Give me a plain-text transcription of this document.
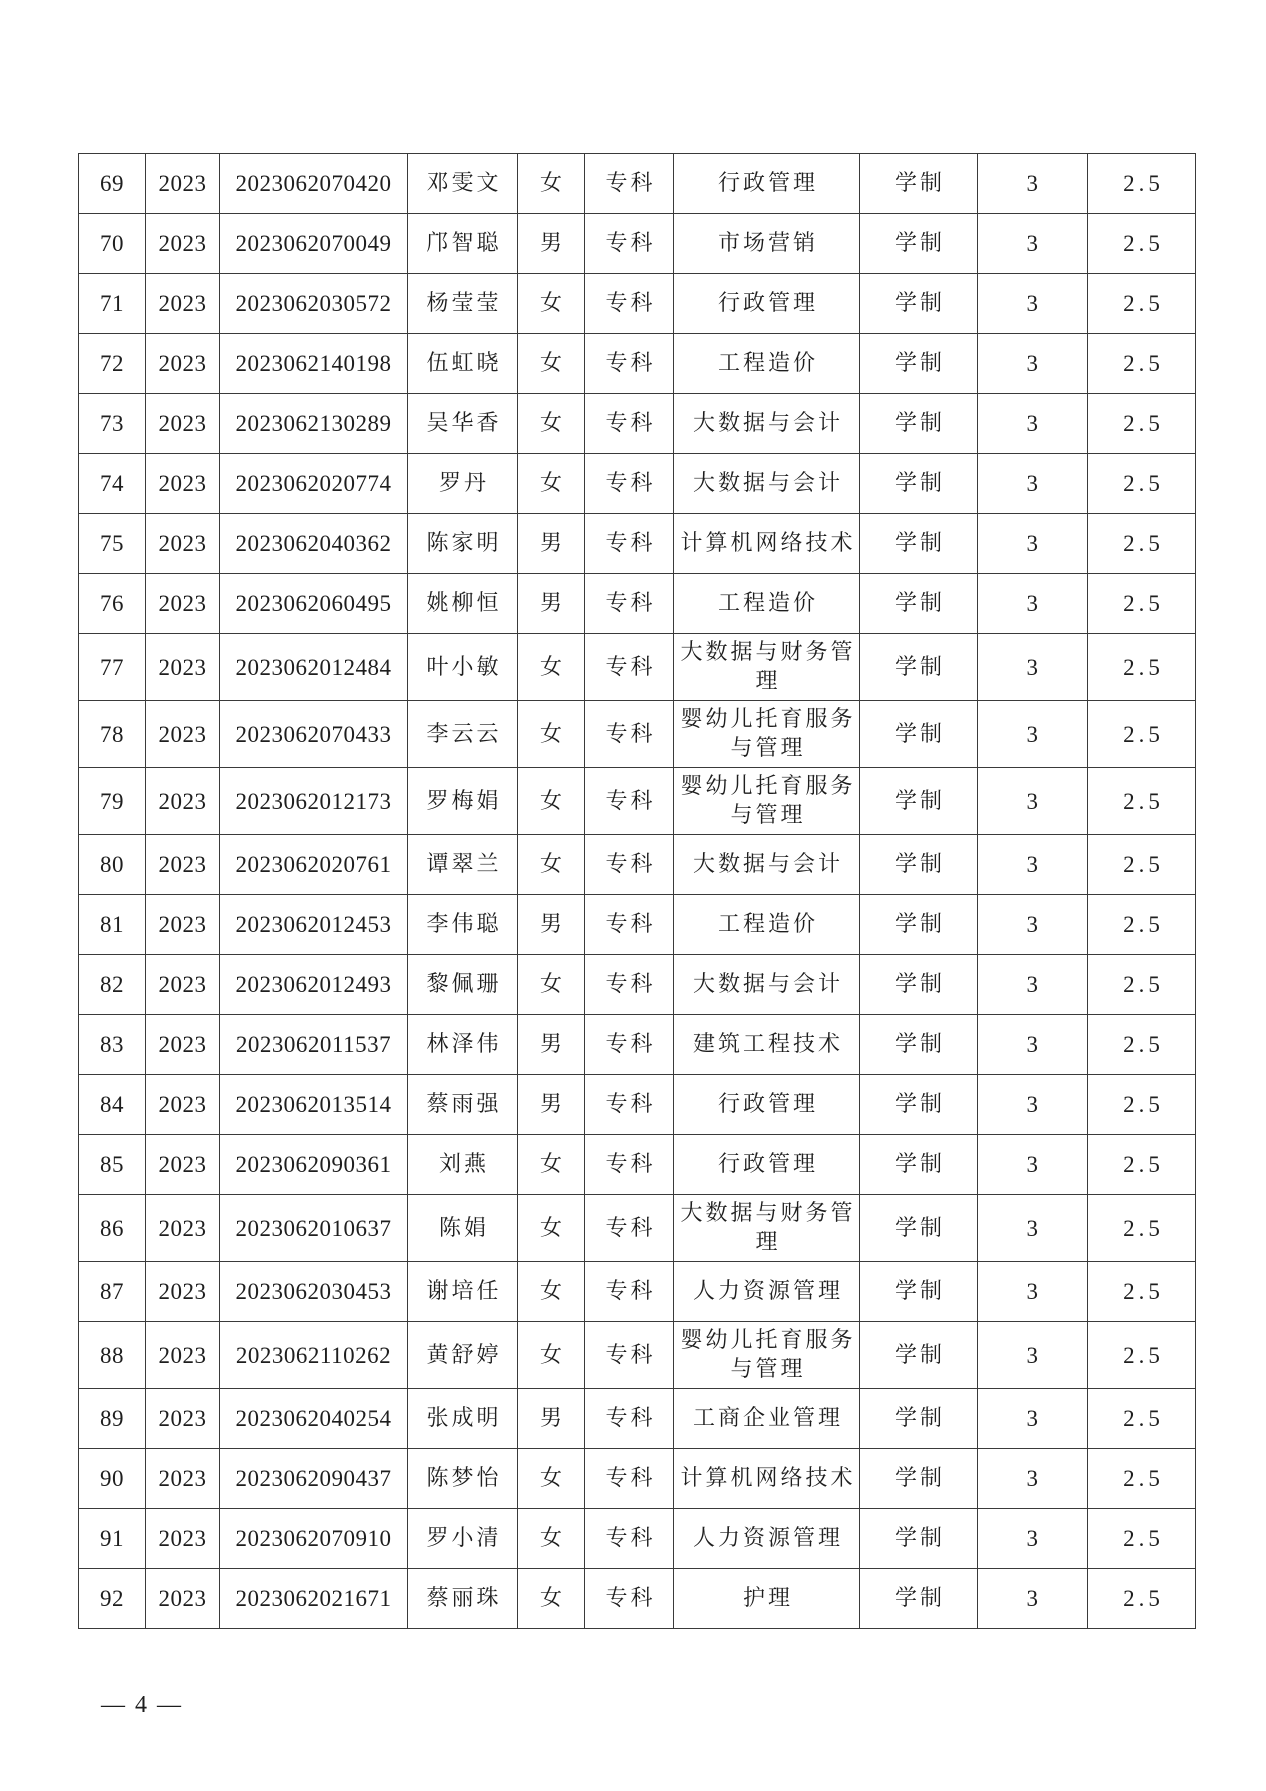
69	2023	2023062070420	邓雯文	女	专科	行政管理	学制	3	2.5
70	2023	2023062070049	邝智聪	男	专科	市场营销	学制	3	2.5
71	2023	2023062030572	杨莹莹	女	专科	行政管理	学制	3	2.5
72	2023	2023062140198	伍虹晓	女	专科	工程造价	学制	3	2.5
73	2023	2023062130289	吴华香	女	专科	大数据与会计	学制	3	2.5
74	2023	2023062020774	罗丹	女	专科	大数据与会计	学制	3	2.5
75	2023	2023062040362	陈家明	男	专科	计算机网络技术	学制	3	2.5
76	2023	2023062060495	姚柳恒	男	专科	工程造价	学制	3	2.5
77	2023	2023062012484	叶小敏	女	专科	大数据与财务管理	学制	3	2.5
78	2023	2023062070433	李云云	女	专科	婴幼儿托育服务与管理	学制	3	2.5
79	2023	2023062012173	罗梅娟	女	专科	婴幼儿托育服务与管理	学制	3	2.5
80	2023	2023062020761	谭翠兰	女	专科	大数据与会计	学制	3	2.5
81	2023	2023062012453	李伟聪	男	专科	工程造价	学制	3	2.5
82	2023	2023062012493	黎佩珊	女	专科	大数据与会计	学制	3	2.5
83	2023	2023062011537	林泽伟	男	专科	建筑工程技术	学制	3	2.5
84	2023	2023062013514	蔡雨强	男	专科	行政管理	学制	3	2.5
85	2023	2023062090361	刘燕	女	专科	行政管理	学制	3	2.5
86	2023	2023062010637	陈娟	女	专科	大数据与财务管理	学制	3	2.5
87	2023	2023062030453	谢培任	女	专科	人力资源管理	学制	3	2.5
88	2023	2023062110262	黄舒婷	女	专科	婴幼儿托育服务与管理	学制	3	2.5
89	2023	2023062040254	张成明	男	专科	工商企业管理	学制	3	2.5
90	2023	2023062090437	陈梦怡	女	专科	计算机网络技术	学制	3	2.5
91	2023	2023062070910	罗小清	女	专科	人力资源管理	学制	3	2.5
92	2023	2023062021671	蔡丽珠	女	专科	护理	学制	3	2.5
— 4 —
